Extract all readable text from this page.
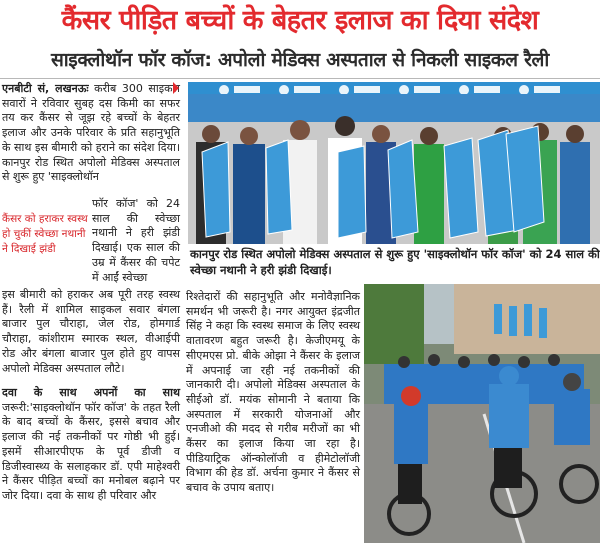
कैंसर पीड़ित बच्चों के बेहतर इलाज का दिया संदेश
साइक्लोथॉन फॉर कॉज: अपोलो मेडिक्स अस्पताल से निकली साइकल रैली

एनबीटी सं, लखनऊः करीब 300 साइकल सवारों ने रविवार सुबह दस किमी का सफर तय कर कैंसर से जूझ रहे बच्चों के बेहतर इलाज और उनके परिवार के प्रति सहानुभूति के साथ इस बीमारी को हराने का संदेश दिया। कानपुर रोड स्थित अपोलो मेडिक्स अस्पताल से शुरू हुए 'साइक्लोथॉन

कैंसर को हराकर स्वस्थ हो चुकीं स्वेच्छा नथानी ने दिखाई झंडी

फॉर कॉज' को 24 साल की स्वेच्छा नथानी ने हरी झंडी दिखाई। एक साल की उम्र में कैंसर की चपेट में आईं स्वेच्छा

इस बीमारी को हराकर अब पूरी तरह स्वस्थ हैं। रैली में शामिल साइकल सवार बंगला बाजार पुल चौराहा, जेल रोड, होमगार्ड चौराहा, कांशीराम स्मारक स्थल, वीआईपी रोड और बंगला बाजार पुल होते हुए वापस अपोलो मेडिक्स अस्पताल लौटे।

दवा के साथ अपनों का साथ जरूरी:'साइक्लोथॉन फॉर कॉज' के तहत रैली के बाद बच्चों के कैंसर, इससे बचाव और इलाज की नई तकनीकों पर गोष्ठी भी हुई। इसमें सीआरपीएफ के पूर्व डीजी व डिजीस्वास्थ्य के सलाहकार डॉ. एपी माहेश्वरी ने कैंसर पीड़ित बच्चों का मनोबल बढ़ाने पर जोर दिया। दवा के साथ ही परिवार और

रिश्तेदारों की सहानुभूति और मनोवैज्ञानिक समर्थन भी जरूरी है। नगर आयुक्त इंद्रजीत सिंह ने कहा कि स्वस्थ समाज के लिए स्वस्थ वातावरण बहुत जरूरी है। केजीएमयू के सीएमएस प्रो. बीके ओझा ने कैंसर के इलाज में अपनाई जा रही नई तकनीकों की जानकारी दी। अपोलो मेडिक्स अस्पताल के सीईओ डॉ. मयंक सोमानी ने बताया कि अस्पताल में सरकारी योजनाओं और एनजीओ की मदद से गरीब मरीजों का भी कैंसर का इलाज किया जा रहा है। पीडियाट्रिक ऑन्कोलॉजी व हीमेटोलॉजी विभाग की हेड डॉ. अर्चना कुमार ने कैंसर से बचाव के उपाय बताए।

कानपुर रोड स्थित अपोलो मेडिक्स अस्पताल से शुरू हुए 'साइक्लोथॉन फॉर कॉज' को 24 साल की स्वेच्छा नथानी ने हरी झंडी दिखाई।
